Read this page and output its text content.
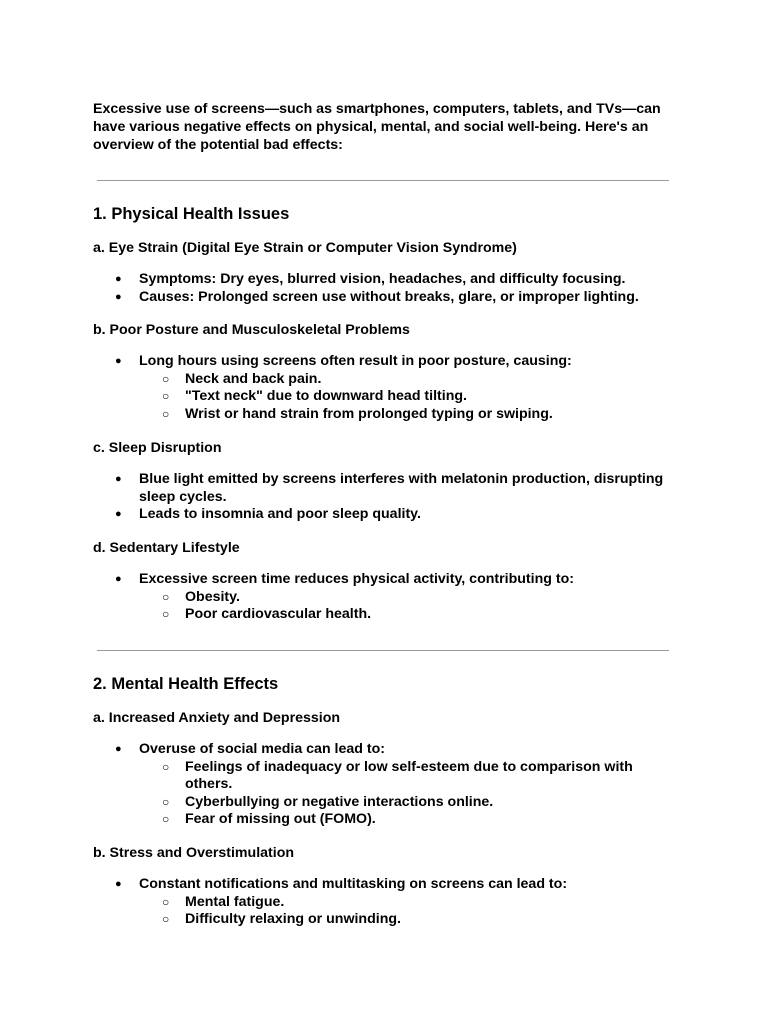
Excessive use of screens—such as smartphones, computers, tablets, and TVs—can have various negative effects on physical, mental, and social well-being. Here's an overview of the potential bad effects:

1. Physical Health Issues
a. Eye Strain (Digital Eye Strain or Computer Vision Syndrome)
● Symptoms: Dry eyes, blurred vision, headaches, and difficulty focusing.
● Causes: Prolonged screen use without breaks, glare, or improper lighting.
b. Poor Posture and Musculoskeletal Problems
● Long hours using screens often result in poor posture, causing:
○ Neck and back pain.
○ "Text neck" due to downward head tilting.
○ Wrist or hand strain from prolonged typing or swiping.
c. Sleep Disruption
● Blue light emitted by screens interferes with melatonin production, disrupting sleep cycles.
● Leads to insomnia and poor sleep quality.
d. Sedentary Lifestyle
● Excessive screen time reduces physical activity, contributing to:
○ Obesity.
○ Poor cardiovascular health.
2. Mental Health Effects
a. Increased Anxiety and Depression
● Overuse of social media can lead to:
○ Feelings of inadequacy or low self-esteem due to comparison with others.
○ Cyberbullying or negative interactions online.
○ Fear of missing out (FOMO).
b. Stress and Overstimulation
● Constant notifications and multitasking on screens can lead to:
○ Mental fatigue.
○ Difficulty relaxing or unwinding.
